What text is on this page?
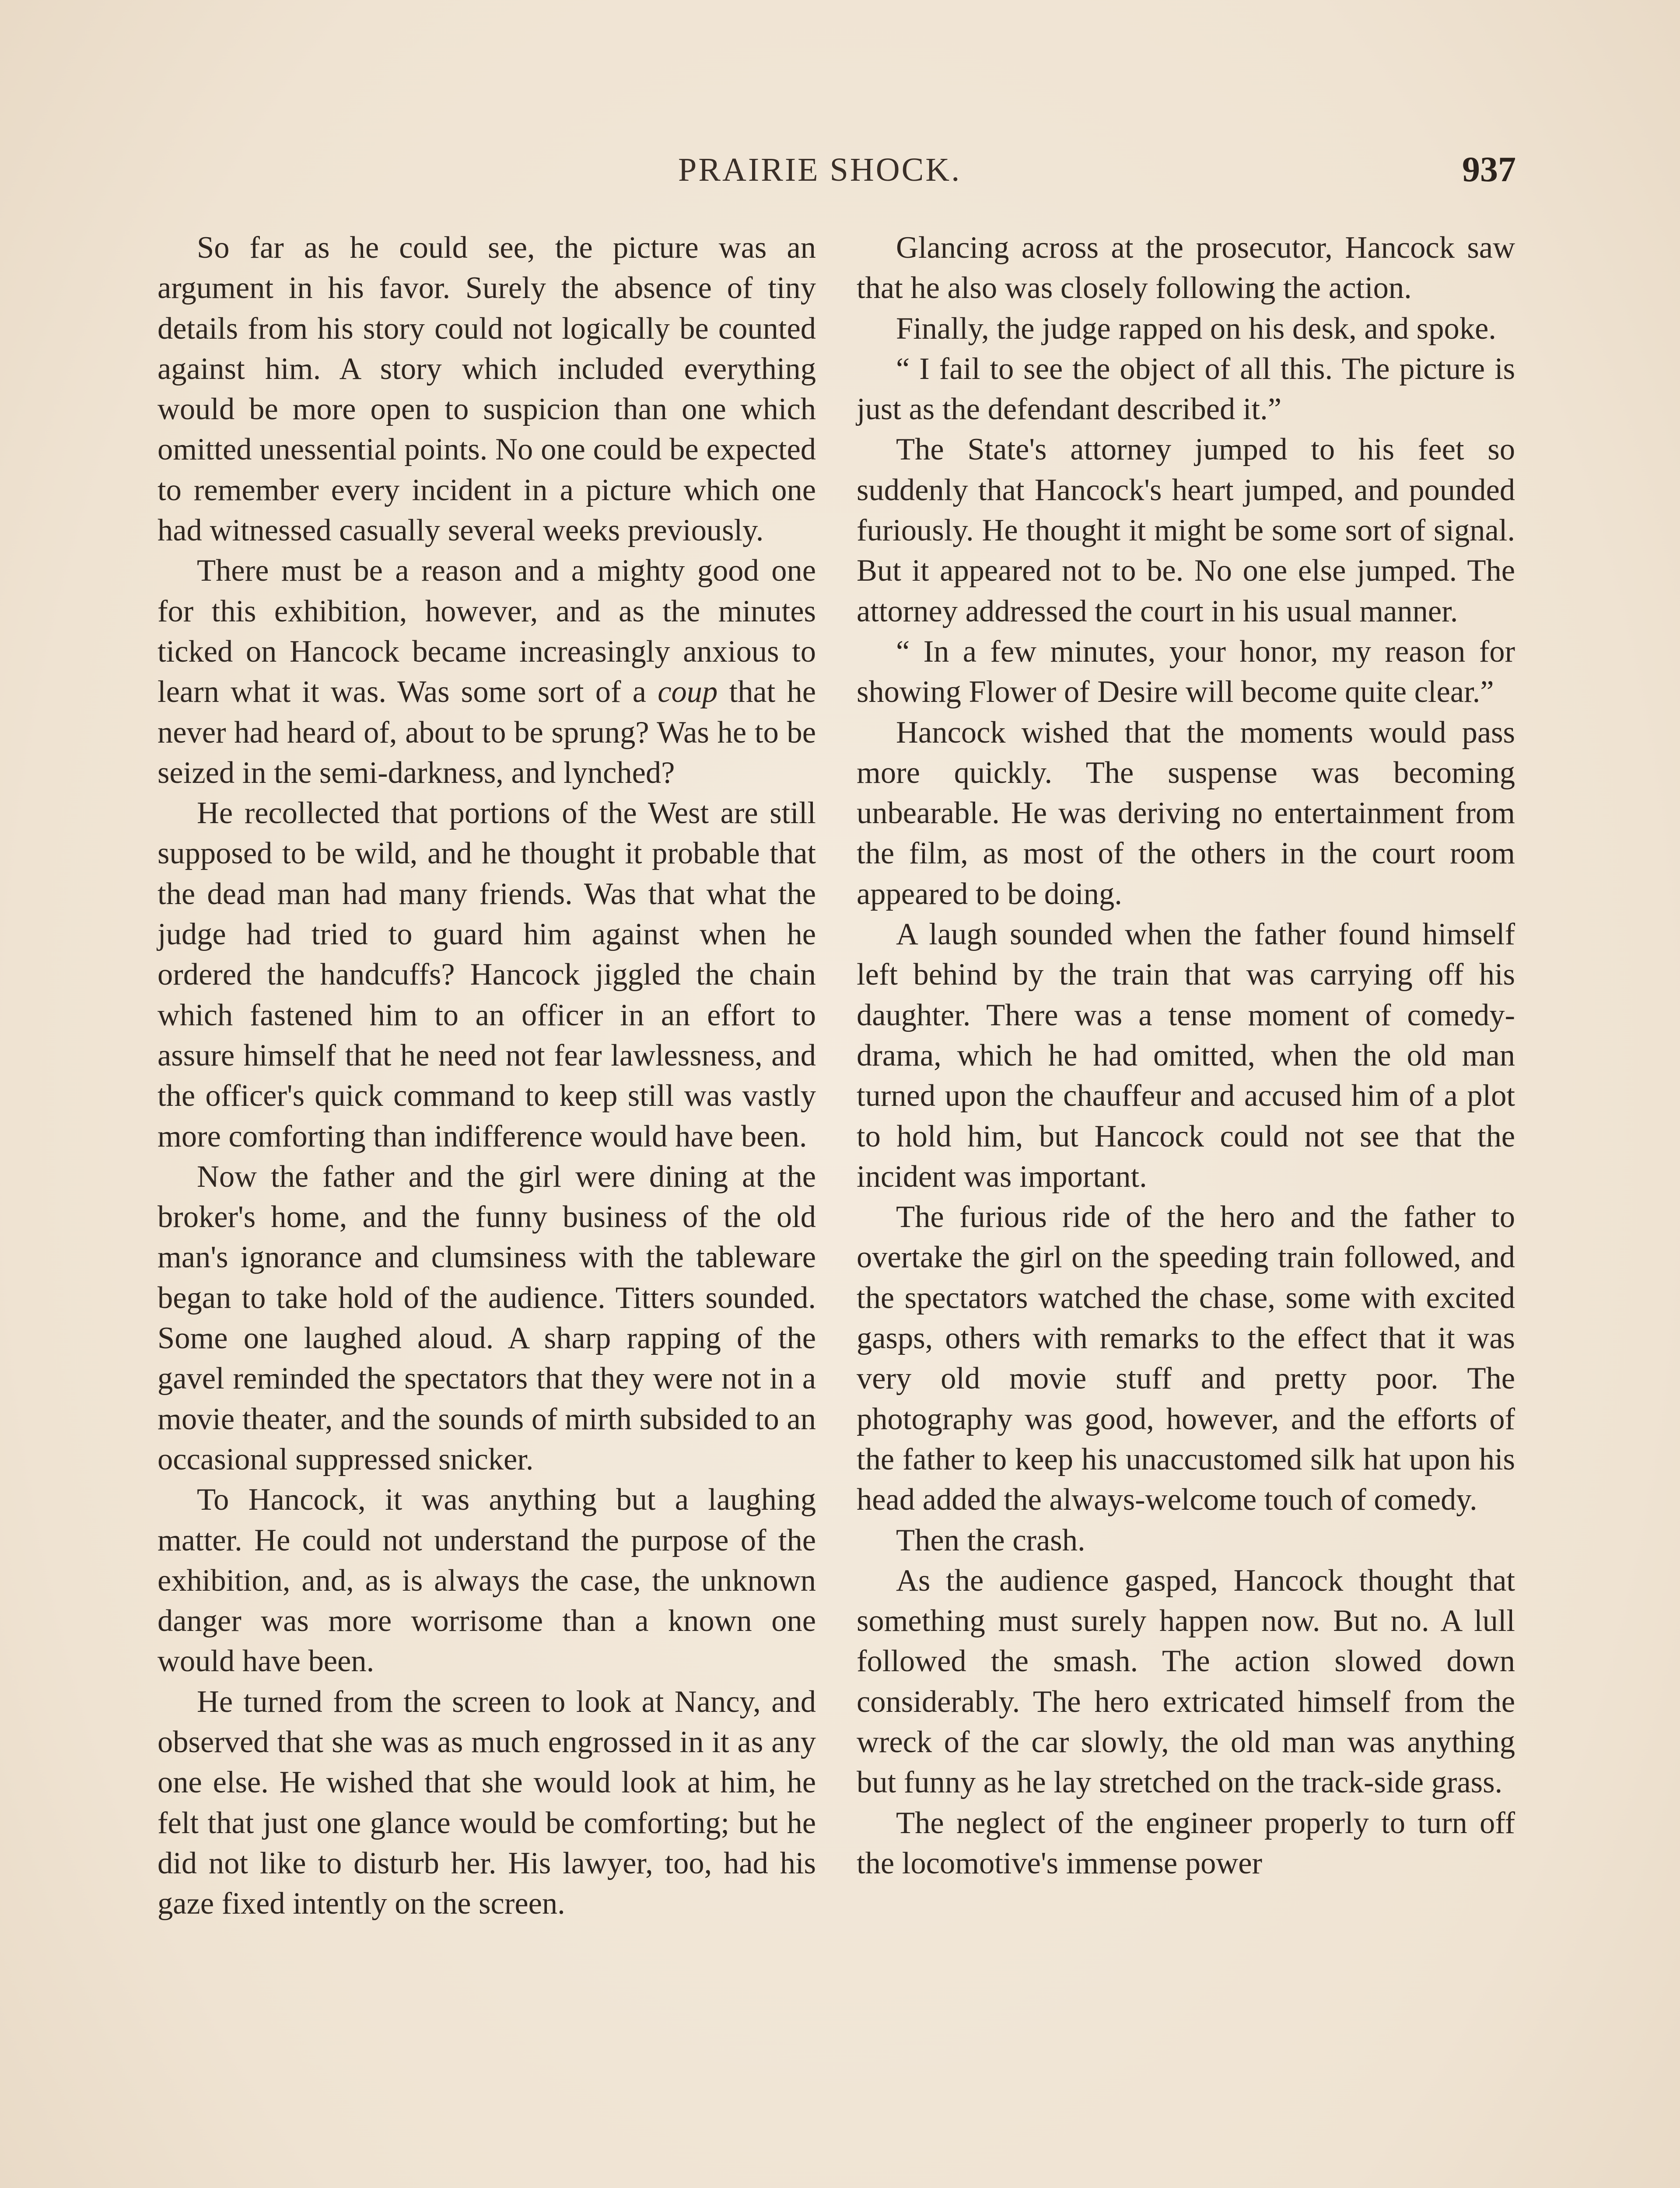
PRAIRIE SHOCK.	937

So far as he could see, the picture was an argument in his favor. Surely the absence of tiny details from his story could not logically be counted against him. A story which included everything would be more open to suspicion than one which omitted unessential points. No one could be expected to remember every incident in a picture which one had witnessed casually several weeks previously.

There must be a reason and a mighty good one for this exhibition, however, and as the minutes ticked on Hancock became increasingly anxious to learn what it was. Was some sort of a coup that he never had heard of, about to be sprung? Was he to be seized in the semi-darkness, and lynched?

He recollected that portions of the West are still supposed to be wild, and he thought it probable that the dead man had many friends. Was that what the judge had tried to guard him against when he ordered the handcuffs? Hancock jiggled the chain which fastened him to an officer in an effort to assure himself that he need not fear lawlessness, and the officer's quick command to keep still was vastly more comforting than indifference would have been.

Now the father and the girl were dining at the broker's home, and the funny business of the old man's ignorance and clumsiness with the tableware began to take hold of the audience. Titters sounded. Some one laughed aloud. A sharp rapping of the gavel reminded the spectators that they were not in a movie theater, and the sounds of mirth subsided to an occasional suppressed snicker.

To Hancock, it was anything but a laughing matter. He could not understand the purpose of the exhibition, and, as is always the case, the unknown danger was more worrisome than a known one would have been.

He turned from the screen to look at Nancy, and observed that she was as much engrossed in it as any one else. He wished that she would look at him, he felt that just one glance would be comforting; but he did not like to disturb her. His lawyer, too, had his gaze fixed intently on the screen.

Glancing across at the prosecutor, Hancock saw that he also was closely following the action.

Finally, the judge rapped on his desk, and spoke.

“ I fail to see the object of all this. The picture is just as the defendant described it.”

The State's attorney jumped to his feet so suddenly that Hancock's heart jumped, and pounded furiously. He thought it might be some sort of signal. But it appeared not to be. No one else jumped. The attorney addressed the court in his usual manner.

“ In a few minutes, your honor, my reason for showing Flower of Desire will become quite clear.”

Hancock wished that the moments would pass more quickly. The suspense was becoming unbearable. He was deriving no entertainment from the film, as most of the others in the court room appeared to be doing.

A laugh sounded when the father found himself left behind by the train that was carrying off his daughter. There was a tense moment of comedy-drama, which he had omitted, when the old man turned upon the chauffeur and accused him of a plot to hold him, but Hancock could not see that the incident was important.

The furious ride of the hero and the father to overtake the girl on the speeding train followed, and the spectators watched the chase, some with excited gasps, others with remarks to the effect that it was very old movie stuff and pretty poor. The photography was good, however, and the efforts of the father to keep his unaccustomed silk hat upon his head added the always-welcome touch of comedy.

Then the crash.

As the audience gasped, Hancock thought that something must surely happen now. But no. A lull followed the smash. The action slowed down considerably. The hero extricated himself from the wreck of the car slowly, the old man was anything but funny as he lay stretched on the track-side grass.

The neglect of the engineer properly to turn off the locomotive's immense power
